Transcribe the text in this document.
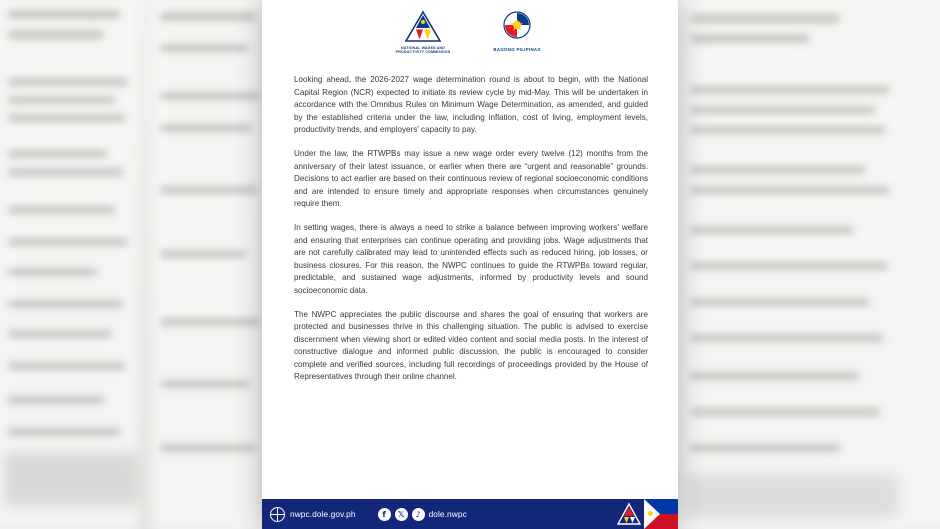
NATIONAL WAGES AND
PRODUCTIVITY COMMISSION
BAGONG PILIPINAS

Looking ahead, the 2026-2027 wage determination round is about to begin, with the National Capital Region (NCR) expected to initiate its review cycle by mid-May. This will be undertaken in accordance with the Omnibus Rules on Minimum Wage Determination, as amended, and guided by the established criteria under the law, including inflation, cost of living, employment levels, productivity trends, and employers' capacity to pay.

Under the law, the RTWPBs may issue a new wage order every twelve (12) months from the anniversary of their latest issuance, or earlier when there are “urgent and reasonable” grounds. Decisions to act earlier are based on their continuous review of regional socioeconomic conditions and are intended to ensure timely and appropriate responses when circumstances genuinely require them.

In setting wages, there is always a need to strike a balance between improving workers' welfare and ensuring that enterprises can continue operating and providing jobs. Wage adjustments that are not carefully calibrated may lead to unintended effects such as reduced hiring, job losses, or business closures. For this reason, the NWPC continues to guide the RTWPBs toward regular, predictable, and sustained wage adjustments, informed by productivity levels and sound socioeconomic data.

The NWPC appreciates the public discourse and shares the goal of ensuring that workers are protected and businesses thrive in this challenging situation. The public is advised to exercise discernment when viewing short or edited video content and social media posts. In the interest of constructive dialogue and informed public discussion, the public is encouraged to consider complete and verified sources, including full recordings of proceedings provided by the House of Representatives through their online channel.

nwpc.dole.gov.ph	f	𝕏	♪ dole.nwpc
